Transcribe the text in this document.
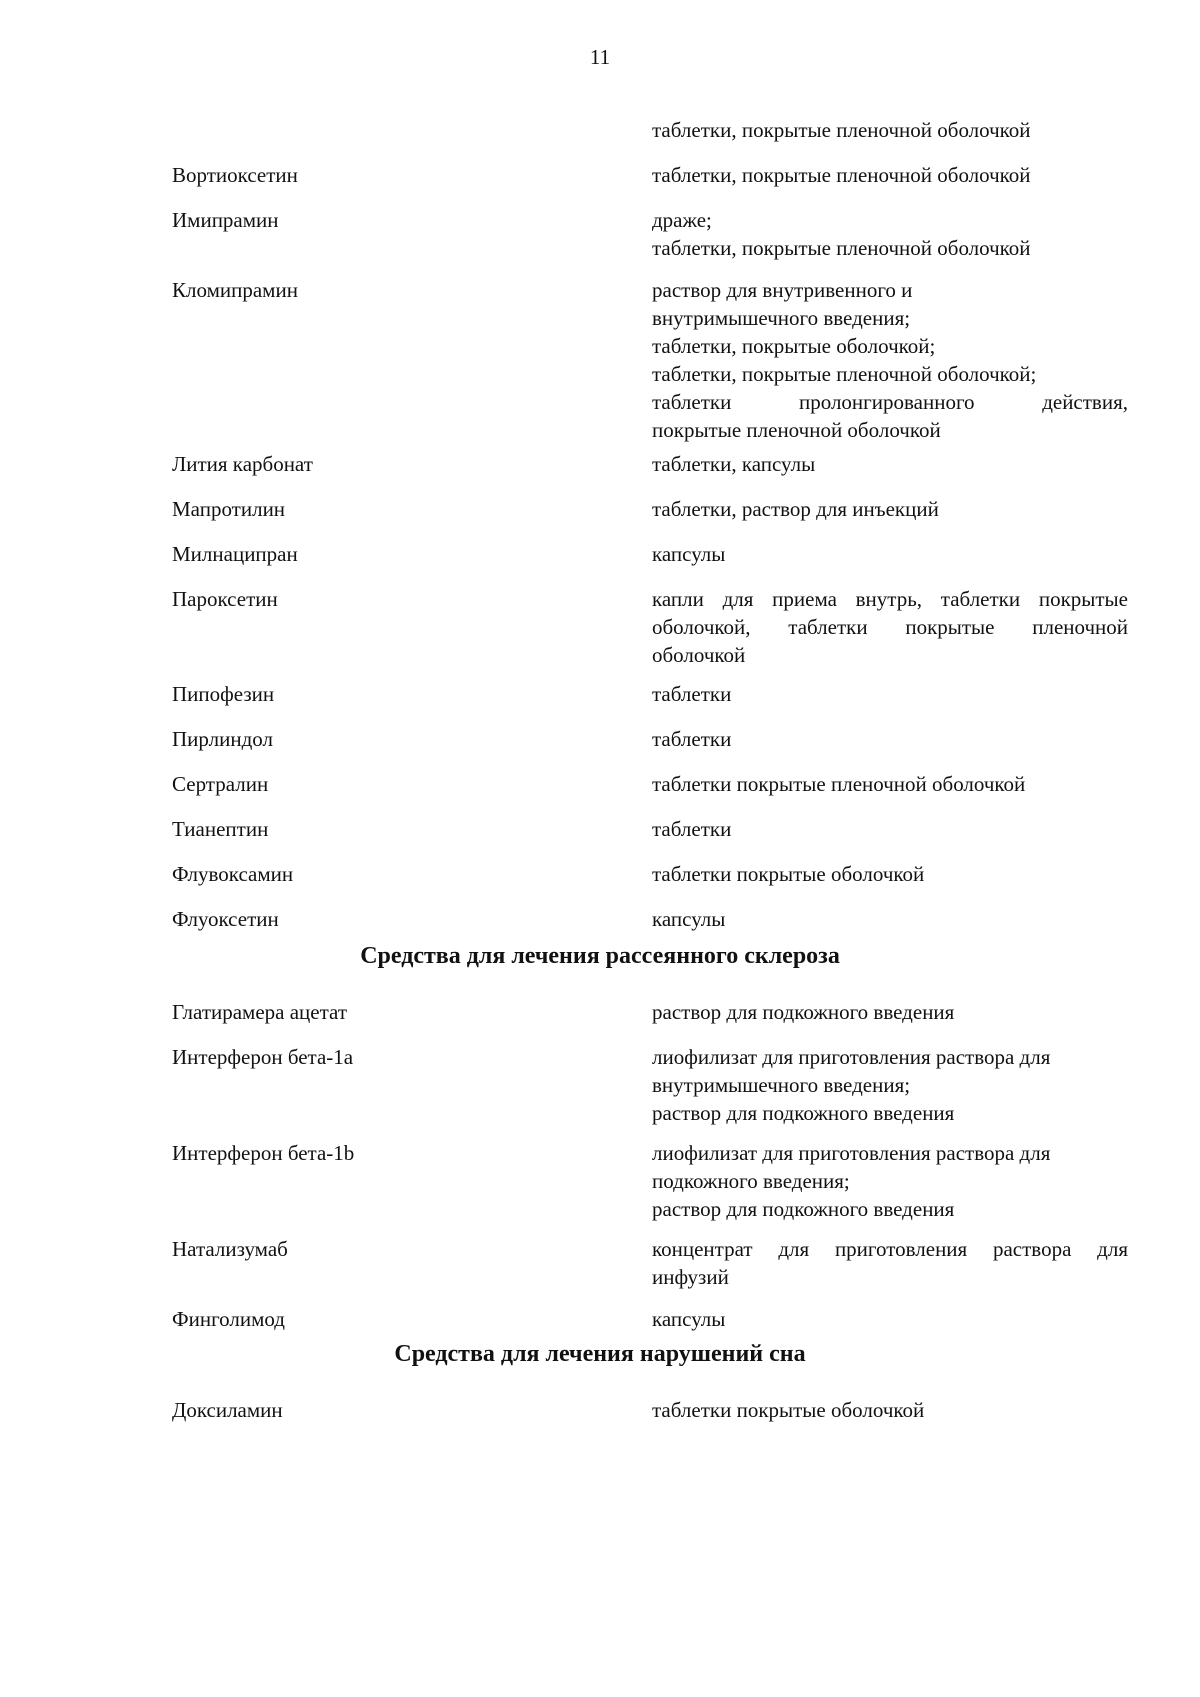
11
таблетки, покрытые пленочной оболочкой
Вортиоксетин	таблетки, покрытые пленочной оболочкой
Имипрамин	драже;
таблетки, покрытые пленочной оболочкой
Кломипрамин	раствор для внутривенного и
внутримышечного введения;
таблетки, покрытые оболочкой;
таблетки, покрытые пленочной оболочкой;
таблетки пролонгированного действия,
покрытые пленочной оболочкой
Лития карбонат	таблетки, капсулы
Мапротилин	таблетки, раствор для инъекций
Милнаципран	капсулы
Пароксетин	капли для приема внутрь, таблетки покрытые
оболочкой, таблетки покрытые пленочной
оболочкой
Пипофезин	таблетки
Пирлиндол	таблетки
Сертралин	таблетки покрытые пленочной оболочкой
Тианептин	таблетки
Флувоксамин	таблетки покрытые оболочкой
Флуоксетин	капсулы
Средства для лечения рассеянного склероза
Глатирамера ацетат	раствор для подкожного введения
Интерферон бета-1a	лиофилизат для приготовления раствора для
внутримышечного введения;
раствор для подкожного введения
Интерферон бета-1b	лиофилизат для приготовления раствора для
подкожного введения;
раствор для подкожного введения
Натализумаб	концентрат для приготовления раствора для
инфузий
Финголимод	капсулы
Средства для лечения нарушений сна
Доксиламин	таблетки покрытые оболочкой
